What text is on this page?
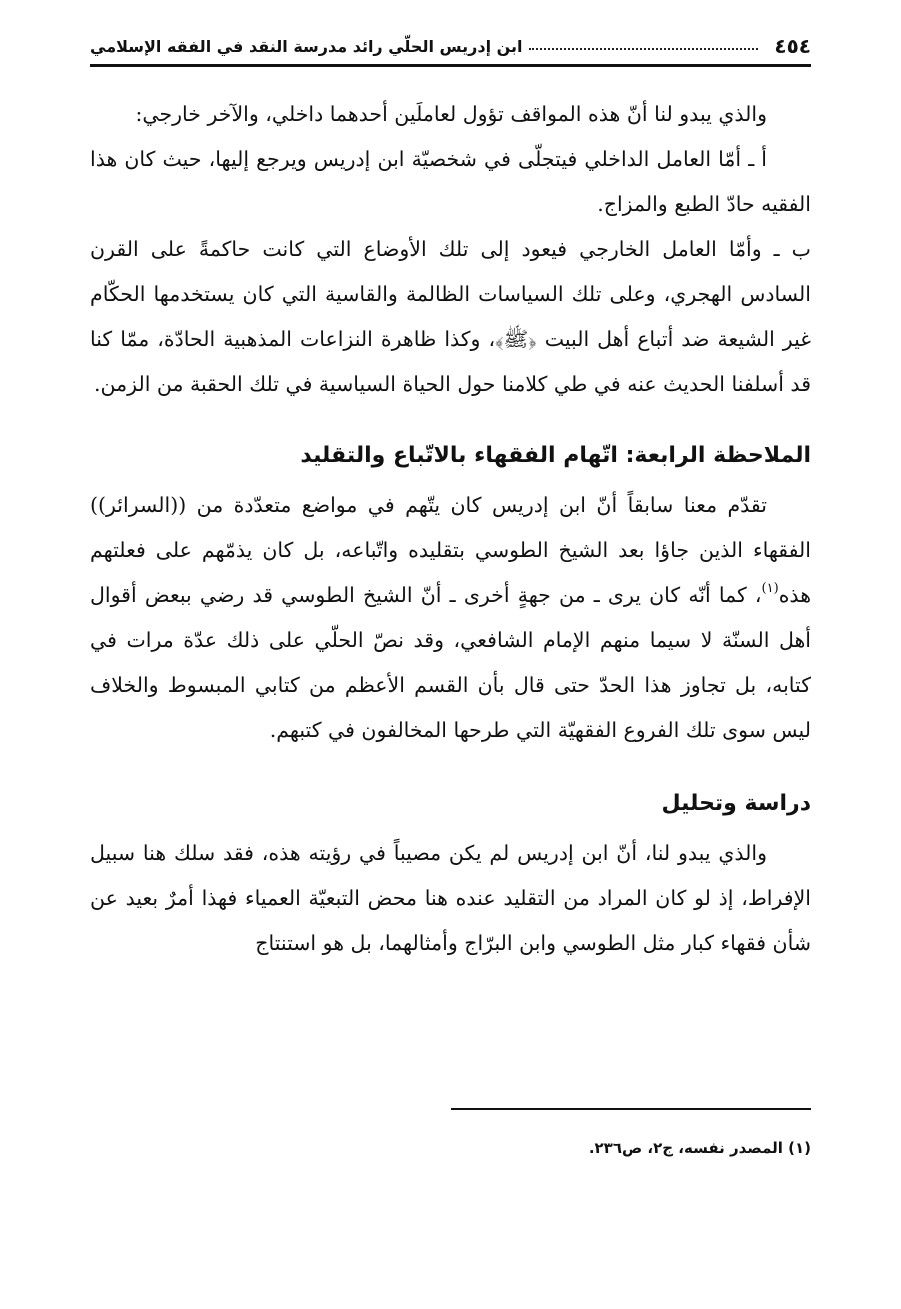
٤٥٤
ابن إدريس الحلّي رائد مدرسة النقد في الفقه الإسلامي

والذي يبدو لنا أنّ هذه المواقف تؤول لعاملَين أحدهما داخلي، والآخر خارجي:

أ ـ أمّا العامل الداخلي فيتجلّى في شخصيّة ابن إدريس ويرجع إليها، حيث كان هذا الفقيه حادّ الطبع والمزاج.

ب ـ وأمّا العامل الخارجي فيعود إلى تلك الأوضاع التي كانت حاكمةً على القرن السادس الهجري، وعلى تلك السياسات الظالمة والقاسية التي كان يستخدمها الحكّام غير الشيعة ضد أتباع أهل البيت ﴿ﷺ﴾، وكذا ظاهرة النزاعات المذهبية الحادّة، ممّا كنا قد أسلفنا الحديث عنه في طي كلامنا حول الحياة السياسية في تلك الحقبة من الزمن.

الملاحظة الرابعة: اتّهام الفقهاء بالاتّباع والتقليد

تقدّم معنا سابقاً أنّ ابن إدريس كان يتّهم في مواضع متعدّدة من ((السرائر)) الفقهاء الذين جاؤا بعد الشيخ الطوسي بتقليده واتّباعه، بل كان يذمّهم على فعلتهم هذه$^{(١)}$، كما أنّه كان يرى ـ من جهةٍ أخرى ـ أنّ الشيخ الطوسي قد رضي ببعض أقوال أهل السنّة لا سيما منهم الإمام الشافعي، وقد نصّ الحلّي على ذلك عدّة مرات في كتابه، بل تجاوز هذا الحدّ حتى قال بأن القسم الأعظم من كتابي المبسوط والخلاف ليس سوى تلك الفروع الفقهيّة التي طرحها المخالفون في كتبهم.

دراسة وتحليل

والذي يبدو لنا، أنّ ابن إدريس لم يكن مصيباً في رؤيته هذه، فقد سلك هنا سبيل الإفراط، إذ لو كان المراد من التقليد عنده هنا محض التبعيّة العمياء فهذا أمرٌ بعيد عن شأن فقهاء كبار مثل الطوسي وابن البرّاج وأمثالهما، بل هو استنتاج

(١) المصدر نفسه، ج٢، ص٢٣٦.
